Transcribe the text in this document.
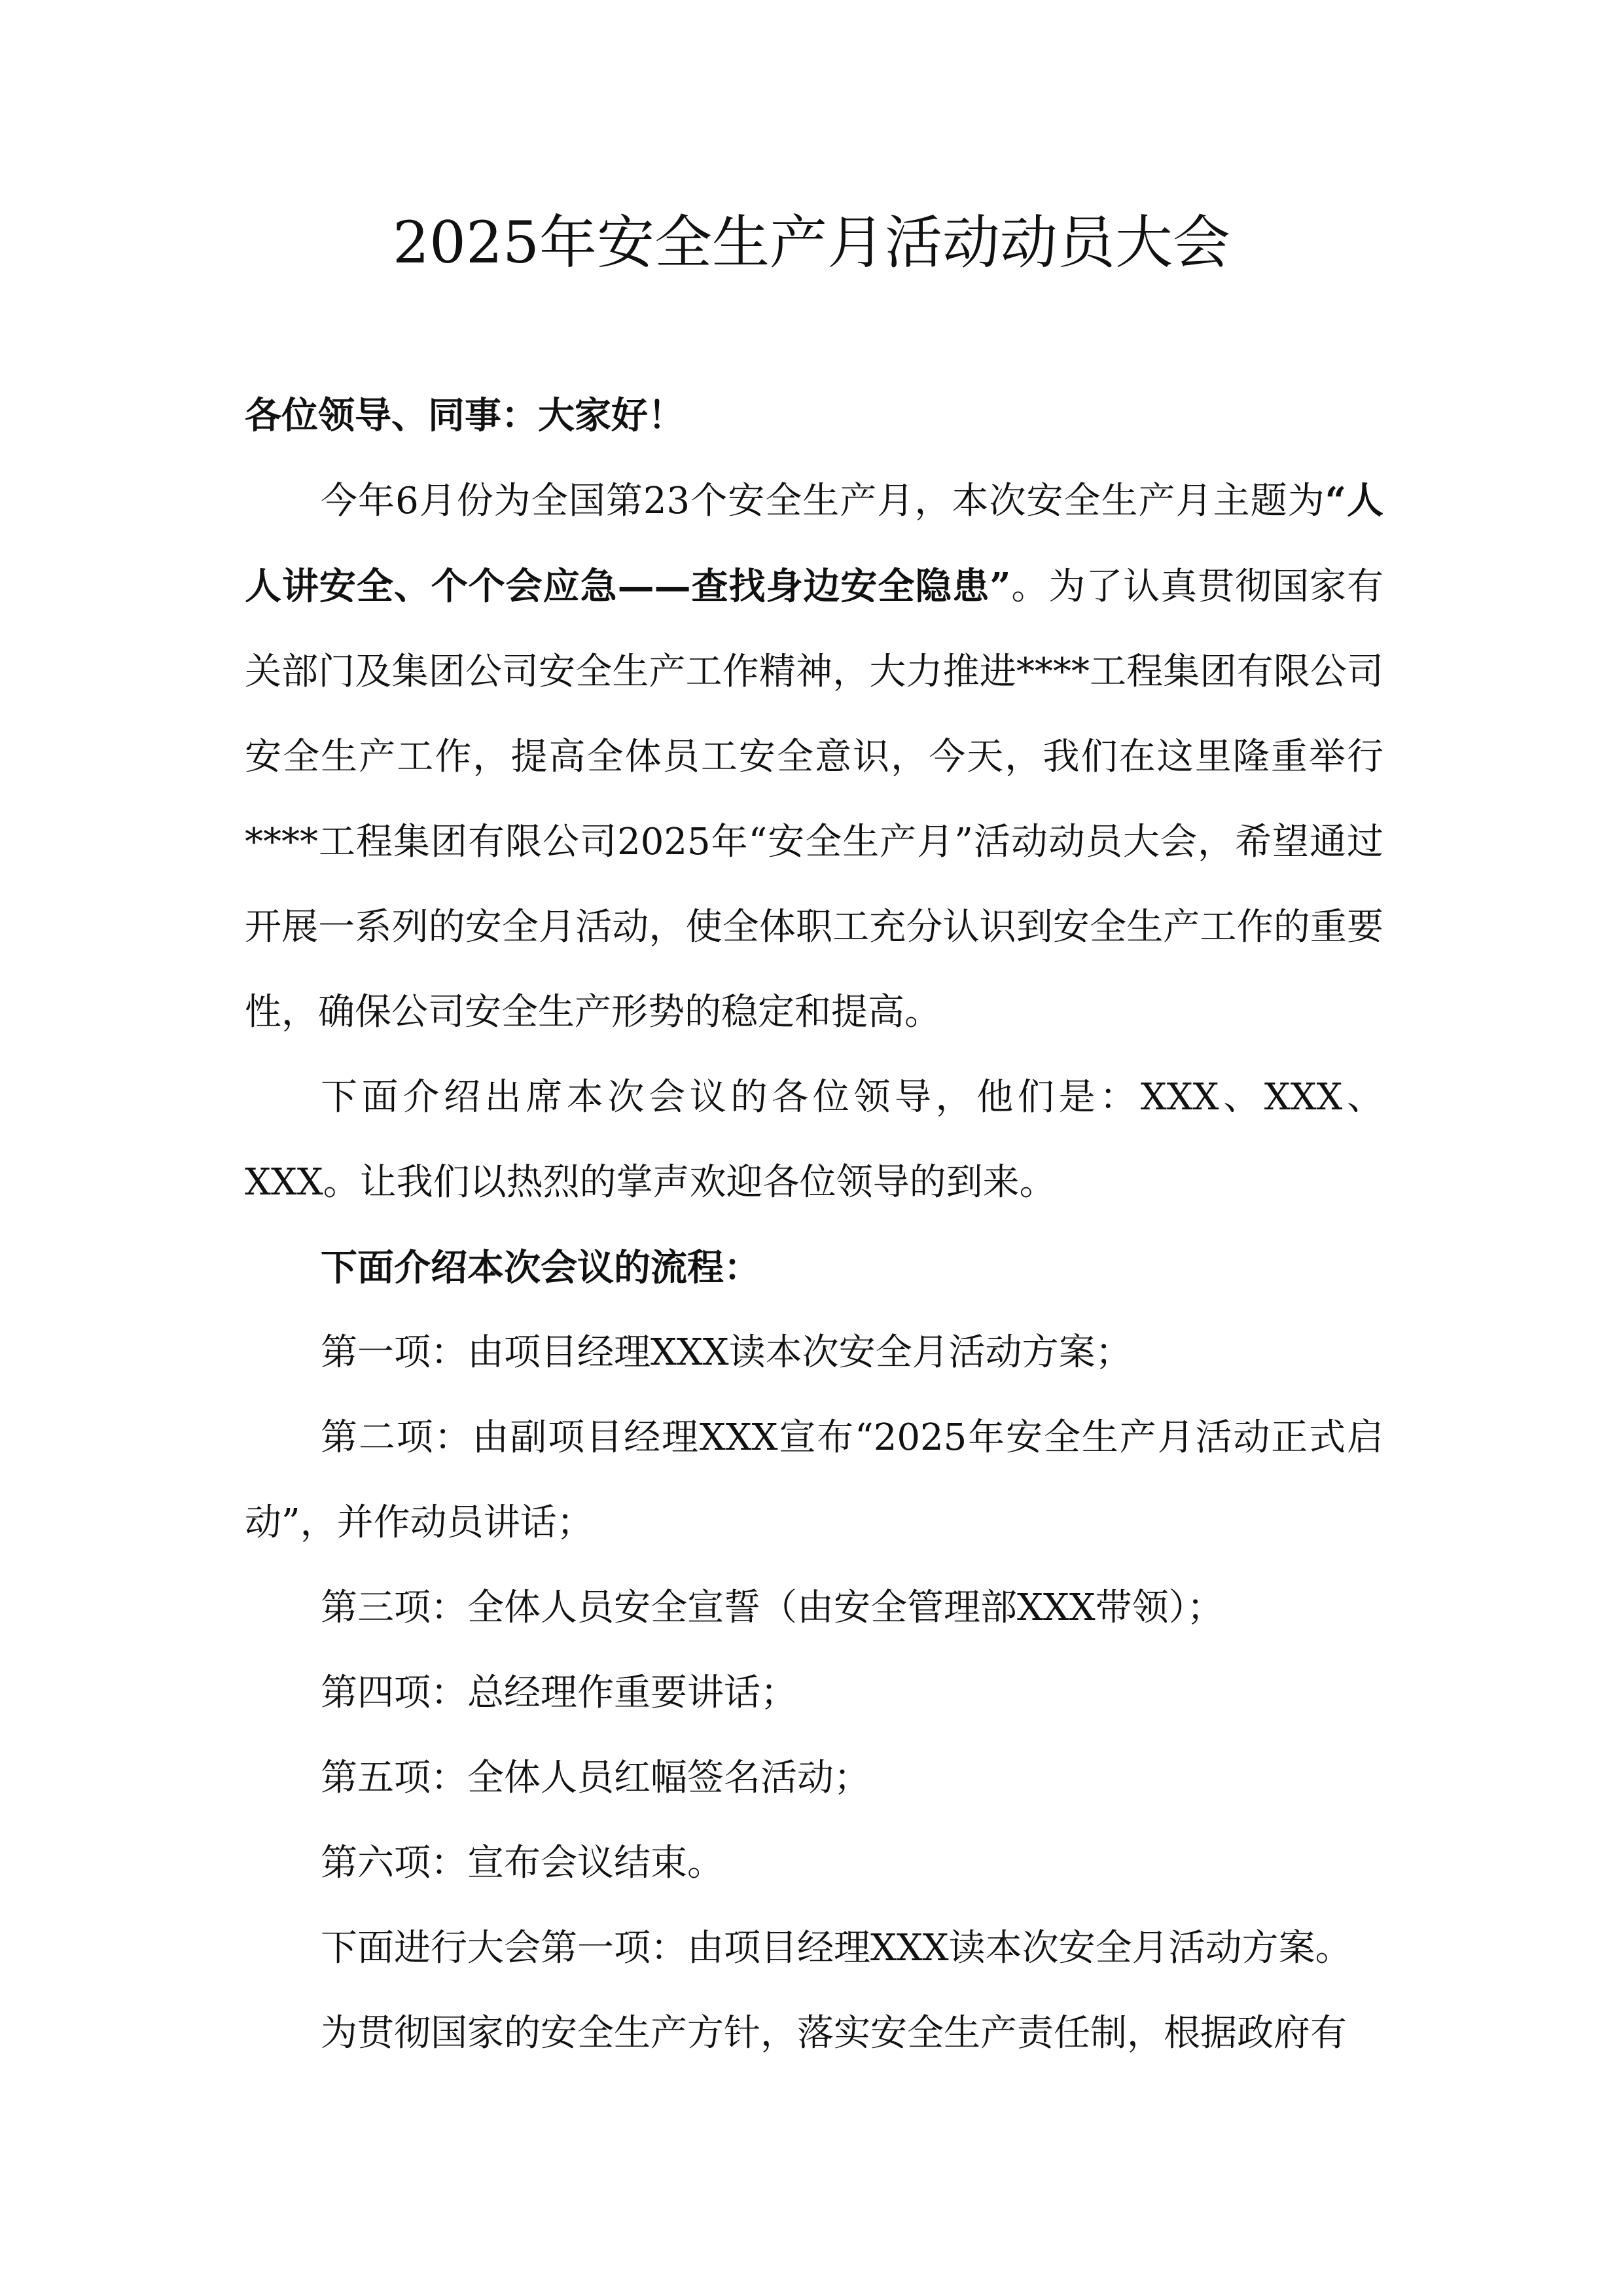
2025年安全生产月活动动员大会

各位领导、同事：大家好！

今年6月份为全国第23个安全生产月，本次安全生产月主题为“人人讲安全、个个会应急——查找身边安全隐患”。为了认真贯彻国家有关部门及集团公司安全生产工作精神，大力推进****工程集团有限公司安全生产工作，提高全体员工安全意识，今天，我们在这里隆重举行****工程集团有限公司2025年“安全生产月”活动动员大会，希望通过开展一系列的安全月活动，使全体职工充分认识到安全生产工作的重要性，确保公司安全生产形势的稳定和提高。

下面介绍出席本次会议的各位领导，他们是：XXX、XXX、XXX。让我们以热烈的掌声欢迎各位领导的到来。

下面介绍本次会议的流程：

第一项：由项目经理XXX读本次安全月活动方案；

第二项：由副项目经理XXX宣布“2025年安全生产月活动正式启动”，并作动员讲话；

第三项：全体人员安全宣誓（由安全管理部XXX带领）；

第四项：总经理作重要讲话；

第五项：全体人员红幅签名活动；

第六项：宣布会议结束。

下面进行大会第一项：由项目经理XXX读本次安全月活动方案。

为贯彻国家的安全生产方针，落实安全生产责任制，根据政府有
